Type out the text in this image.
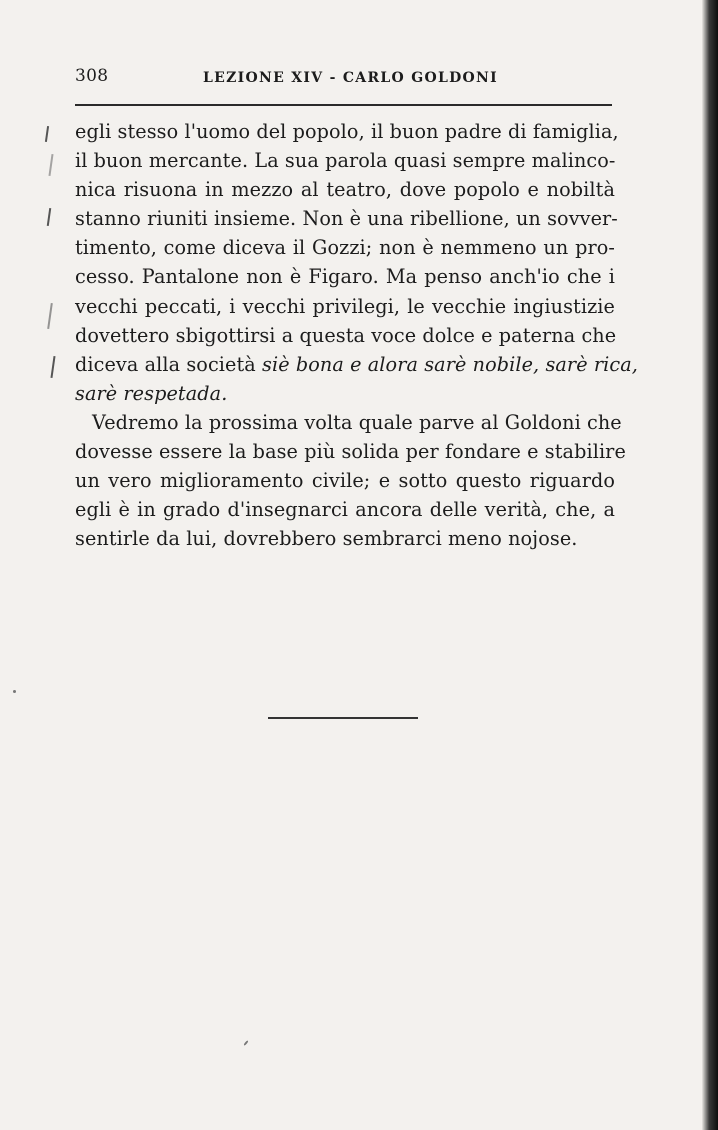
308	LEZIONE XIV - CARLO GOLDONI
egli stesso l'uomo del popolo, il buon padre di famiglia,
il buon mercante. La sua parola quasi sempre malinco-
nica risuona in mezzo al teatro, dove popolo e nobiltà
stanno riuniti insieme. Non è una ribellione, un sovver-
timento, come diceva il Gozzi; non è nemmeno un pro-
cesso. Pantalone non è Figaro. Ma penso anch'io che i
vecchi peccati, i vecchi privilegi, le vecchie ingiustizie
dovettero sbigottirsi a questa voce dolce e paterna che
diceva alla società siè bona e alora sarè nobile, sarè rica,
sarè respetada.
Vedremo la prossima volta quale parve al Goldoni che
dovesse essere la base più solida per fondare e stabilire
un vero miglioramento civile; e sotto questo riguardo
egli è in grado d'insegnarci ancora delle verità, che, a
sentirle da lui, dovrebbero sembrarci meno nojose.
